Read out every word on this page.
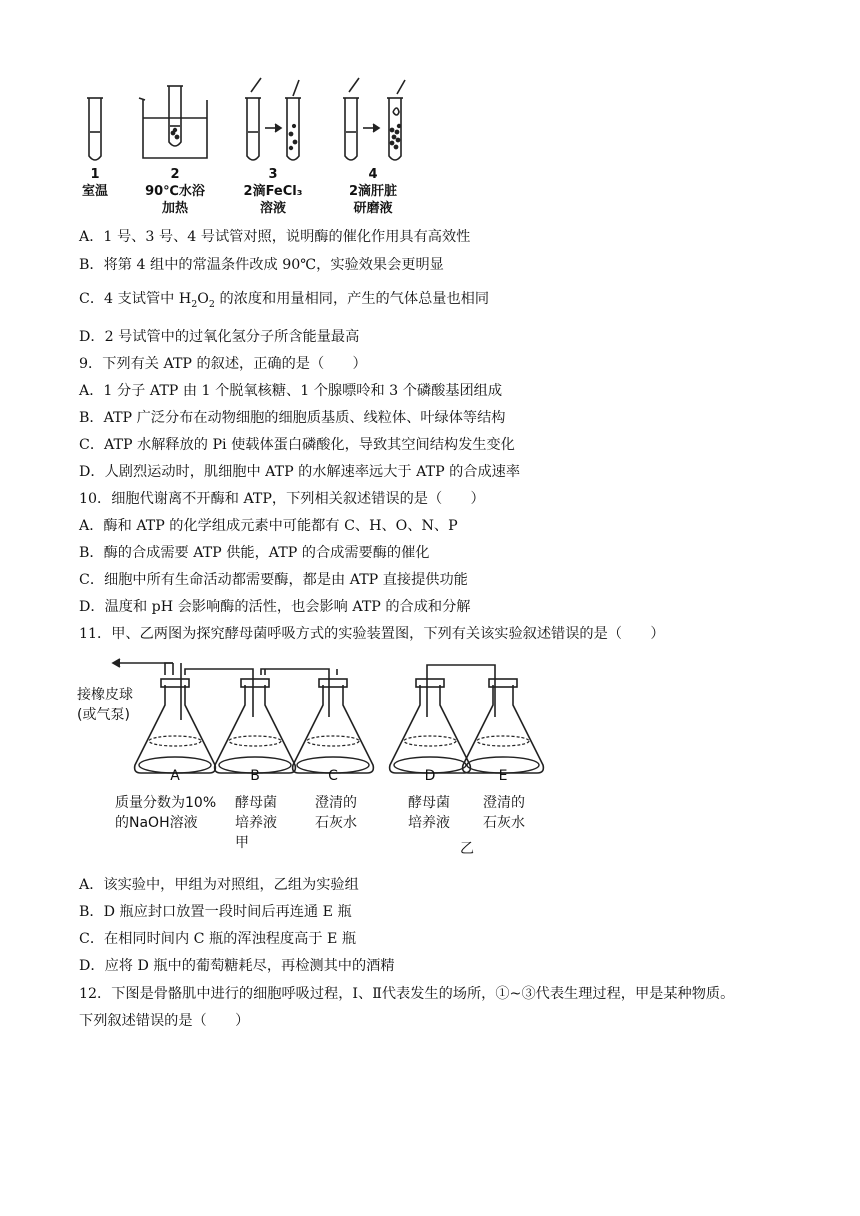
1
室温
2
90℃水浴
加热
3
2滴FeCl₃
溶液
4
2滴肝脏
研磨液
A．1 号、3 号、4 号试管对照，说明酶的催化作用具有高效性
B．将第 4 组中的常温条件改成 90℃，实验效果会更明显
C．4 支试管中 $H_2O_2$ 的浓度和用量相同，产生的气体总量也相同
D．2 号试管中的过氧化氢分子所含能量最高
9．下列有关 ATP 的叙述，正确的是（　　）
A．1 分子 ATP 由 1 个脱氧核糖、1 个腺嘌呤和 3 个磷酸基团组成
B．ATP 广泛分布在动物细胞的细胞质基质、线粒体、叶绿体等结构
C．ATP 水解释放的 Pi 使载体蛋白磷酸化，导致其空间结构发生变化
D．人剧烈运动时，肌细胞中 ATP 的水解速率远大于 ATP 的合成速率
10．细胞代谢离不开酶和 ATP，下列相关叙述错误的是（　　）
A．酶和 ATP 的化学组成元素中可能都有 C、H、O、N、P
B．酶的合成需要 ATP 供能，ATP 的合成需要酶的催化
C．细胞中所有生命活动都需要酶，都是由 ATP 直接提供功能
D．温度和 pH 会影响酶的活性，也会影响 ATP 的合成和分解
11．甲、乙两图为探究酵母菌呼吸方式的实验装置图，下列有关该实验叙述错误的是（　　）
A	B	C	D	E
接橡皮球
(或气泵)
质量分数为10%
的NaOH溶液
酵母菌
培养液
甲
澄清的
石灰水
酵母菌
培养液
澄清的
石灰水
乙
A．该实验中，甲组为对照组，乙组为实验组
B．D 瓶应封口放置一段时间后再连通 E 瓶
C．在相同时间内 C 瓶的浑浊程度高于 E 瓶
D．应将 D 瓶中的葡萄糖耗尽，再检测其中的酒精
12．下图是骨骼肌中进行的细胞呼吸过程，Ⅰ、Ⅱ代表发生的场所，①~③代表生理过程，甲是某种物质。
下列叙述错误的是（　　）
